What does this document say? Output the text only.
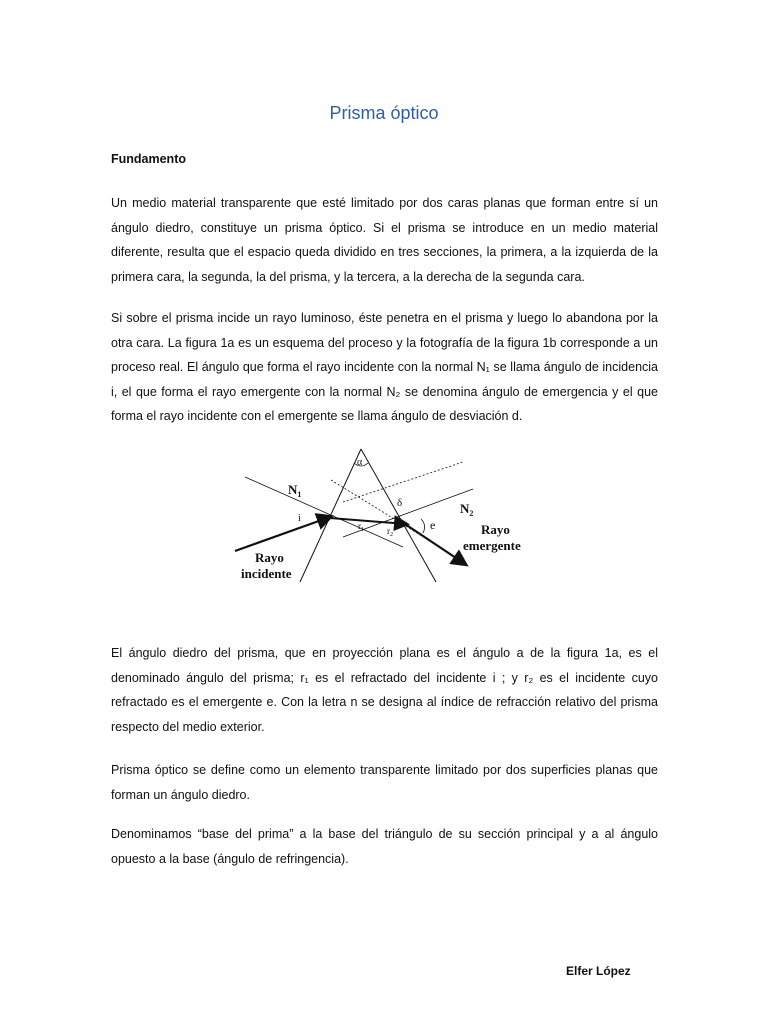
Prisma óptico

Fundamento

Un medio material transparente que esté limitado por dos caras planas que forman entre sí un ángulo diedro, constituye un prisma óptico. Si el prisma se introduce en un medio material diferente, resulta que el espacio queda dividido en tres secciones, la primera, a la izquierda de la primera cara, la segunda, la del prisma, y la tercera, a la derecha de la segunda cara.

Si sobre el prisma incide un rayo luminoso, éste penetra en el prisma y luego lo abandona por la otra cara. La figura 1a es un esquema del proceso y la fotografía de la figura 1b corresponde a un proceso real. El ángulo que forma el rayo incidente con la normal N₁ se llama ángulo de incidencia i, el que forma el rayo emergente con la normal N₂ se denomina ángulo de emergencia y el que forma el rayo incidente con el emergente se llama ángulo de desviación d.

α
δ
$N_1$
$N_2$
i
$r_1$	$r_2$
e
Rayo
incidente
Rayo
emergente

El ángulo diedro del prisma, que en proyección plana es el ángulo a de la figura 1a, es el denominado ángulo del prisma; r₁ es el refractado del incidente i ; y r₂ es el incidente cuyo refractado es el emergente e. Con la letra n se designa al índice de refracción relativo del prisma respecto del medio exterior.

Prisma óptico se define como un elemento transparente limitado por dos superficies planas que forman un ángulo diedro.

Denominamos “base del prima” a la base del triángulo de su sección principal y a al ángulo opuesto a la base (ángulo de refringencia).

Elfer López
